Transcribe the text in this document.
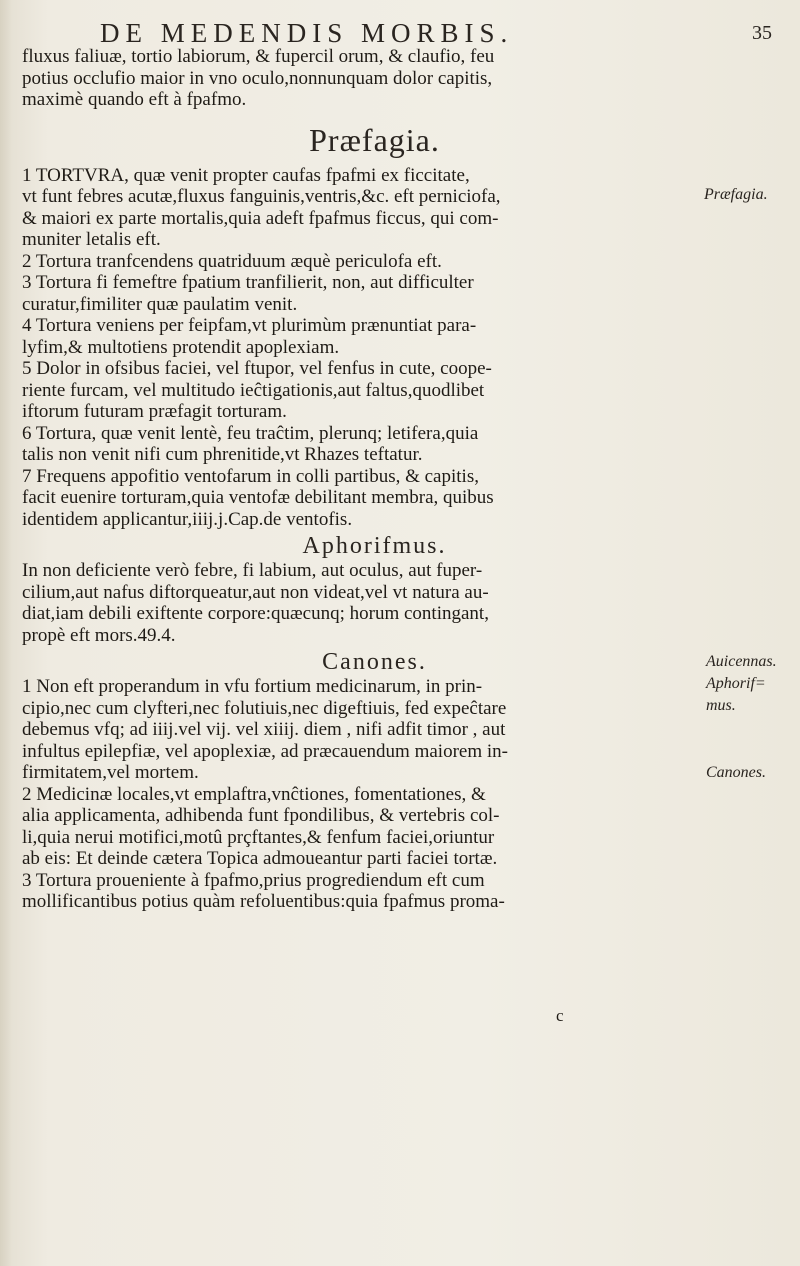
DE MEDENDIS MORBIS.	35
fluxus faliuæ, tortio labiorum, & fupercil orum, & claufio, feu
potius occlufio maior in vno oculo,nonnunquam dolor capitis,
maximè quando eft à fpafmo.
Præfagia.
1 TORTVRA, quæ venit propter caufas fpafmi ex ficcitate,
vt funt febres acutæ,fluxus fanguinis,ventris,&c. eft perniciofa,
& maiori ex parte mortalis,quia adeft fpafmus ficcus, qui com-
muniter letalis eft.
2 Tortura tranfcendens quatriduum æquè periculofa eft.
3 Tortura fi femeftre fpatium tranfilierit, non, aut difficulter
curatur,fimiliter quæ paulatim venit.
4 Tortura veniens per feipfam,vt plurimùm prænuntiat para-
lyfim,& multotiens protendit apoplexiam.
5 Dolor in ofsibus faciei, vel ftupor, vel fenfus in cute, coope-
riente furcam, vel multitudo ieĉtigationis,aut faltus,quodlibet
iftorum futuram præfagit torturam.
6 Tortura, quæ venit lentè, feu traĉtim, plerunq; letifera,quia
talis non venit nifi cum phrenitide,vt Rhazes teftatur.
7 Frequens appofitio ventofarum in colli partibus, & capitis,
facit euenire torturam,quia ventofæ debilitant membra, quibus
identidem applicantur,iiij.j.Cap.de ventofis.
Aphorifmus.
In non deficiente verò febre, fi labium, aut oculus, aut fuper-
cilium,aut nafus diftorqueatur,aut non videat,vel vt natura au-
diat,iam debili exiftente corpore:quæcunq; horum contingant,
propè eft mors.49.4.
Canones.
1 Non eft properandum in vfu fortium medicinarum, in prin-
cipio,nec cum clyfteri,nec folutiuis,nec digeftiuis, fed expeĉtare
debemus vfq; ad iiij.vel vij. vel xiiij. diem , nifi adfit timor , aut
infultus epilepfiæ, vel apoplexiæ, ad præcauendum maiorem in-
firmitatem,vel mortem.
2 Medicinæ locales,vt emplaftra,vnĉtiones, fomentationes, &
alia applicamenta, adhibenda funt fpondilibus, & vertebris col-
li,quia nerui motifici,motû prçftantes,& fenfum faciei,oriuntur
ab eis: Et deinde cætera Topica admoueantur parti faciei tortæ.
3 Tortura proueniente à fpafmo,prius progrediendum eft cum
mollificantibus potius quàm refoluentibus:quia fpafmus proma-
Præfagia.
Auicennas.
Aphorif=
mus.
Canones.
c
